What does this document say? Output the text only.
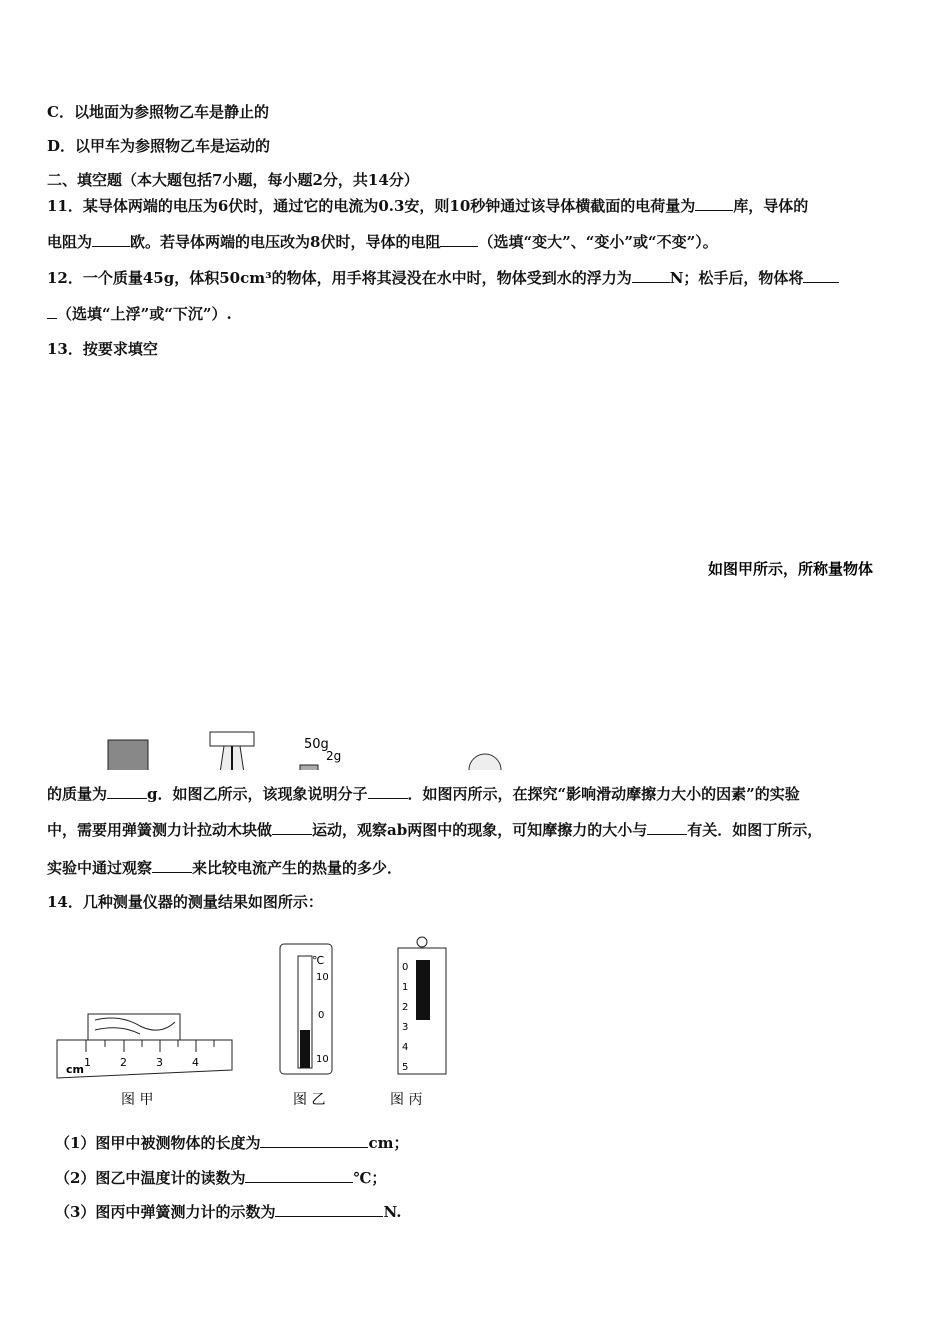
C．以地面为参照物乙车是静止的
D．以甲车为参照物乙车是运动的
二、填空题（本大题包括7小题，每小题2分，共14分）
11．某导体两端的电压为6伏时，通过它的电流为0.3安，则10秒钟通过该导体横截面的电荷量为	库，导体的
电阻为	欧。若导体两端的电压改为8伏时，导体的电阻	（选填“变大”、“变小”或“不变”）。
12．一个质量45g，体积50cm³的物体，用手将其浸没在水中时，物体受到水的浮力为	N；松手后，物体将
（选填“上浮”或“下沉”）.
13．按要求填空
50g
2g
如图甲所示，所称量物体
的质量为	g．如图乙所示，该现象说明分子	．如图丙所示，在探究“影响滑动摩擦力大小的因素”的实验
中，需要用弹簧测力计拉动木块做	运动，观察ab两图中的现象，可知摩擦力的大小与	有关．如图丁所示，
实验中通过观察	来比较电流产生的热量的多少．
14．几种测量仪器的测量结果如图所示：
cm
1	2	3	4
图 甲
℃
10
0
10
图 乙
0
1
2
3
4
5
图 丙
（1）图甲中被测物体的长度为	cm；
（2）图乙中温度计的读数为	℃；
（3）图丙中弹簧测力计的示数为	N.
